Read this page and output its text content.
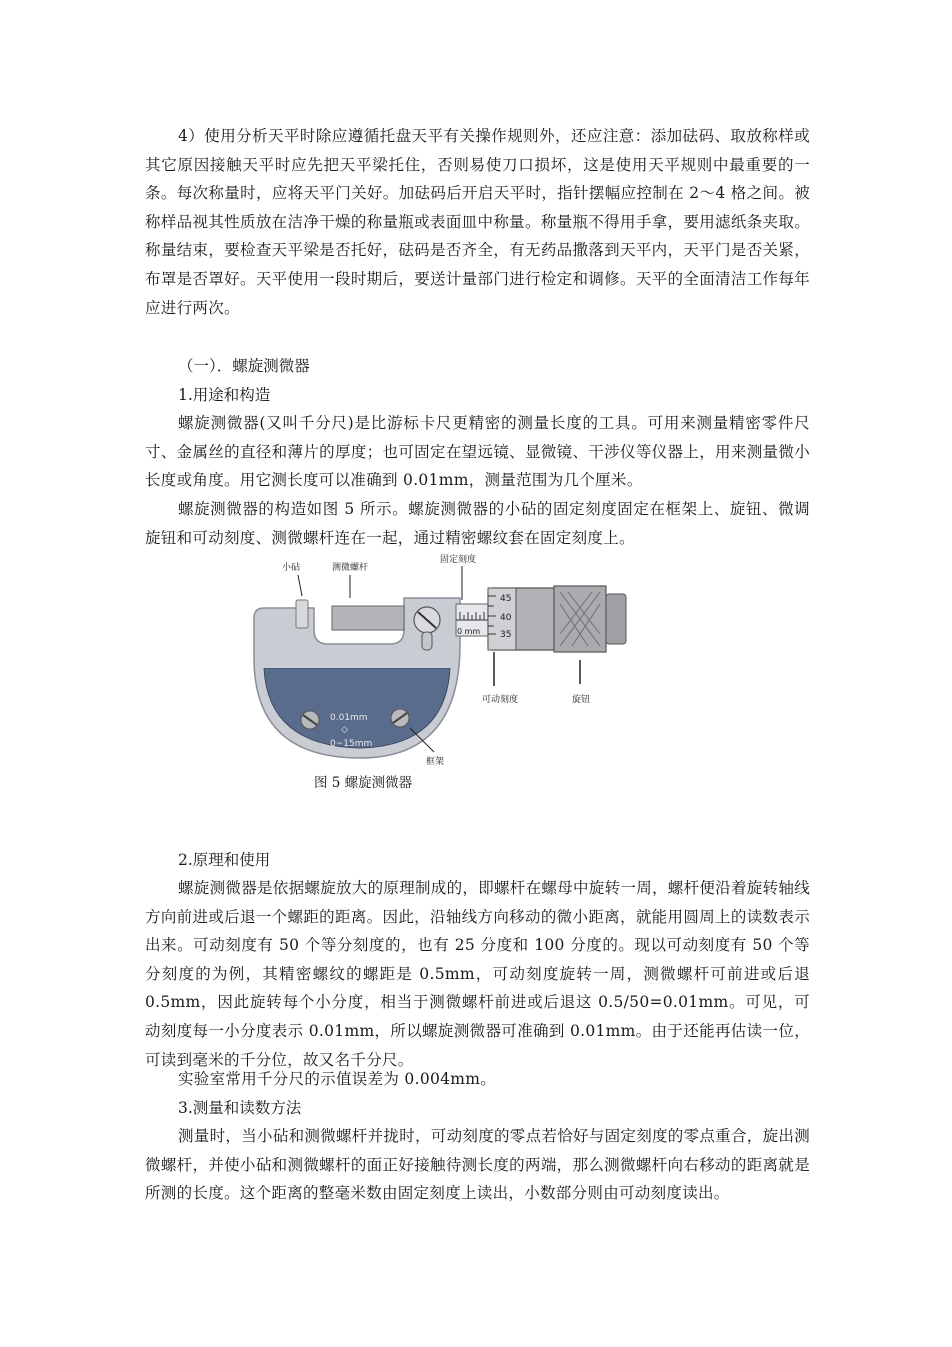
4）使用分析天平时除应遵循托盘天平有关操作规则外，还应注意：添加砝码、取放称样或其它原因接触天平时应先把天平梁托住，否则易使刀口损坏，这是使用天平规则中最重要的一条。每次称量时，应将天平门关好。加砝码后开启天平时，指针摆幅应控制在 2～4 格之间。被称样品视其性质放在洁净干燥的称量瓶或表面皿中称量。称量瓶不得用手拿，要用滤纸条夹取。称量结束，要检查天平梁是否托好，砝码是否齐全，有无药品撒落到天平内，天平门是否关紧，布罩是否罩好。天平使用一段时期后，要送计量部门进行检定和调修。天平的全面清洁工作每年应进行两次。

（一）．螺旋测微器

1.用途和构造

螺旋测微器(又叫千分尺)是比游标卡尺更精密的测量长度的工具。可用来测量精密零件尺寸、金属丝的直径和薄片的厚度；也可固定在望远镜、显微镜、干涉仪等仪器上，用来测量微小长度或角度。用它测长度可以准确到 0.01mm，测量范围为几个厘米。

螺旋测微器的构造如图 5 所示。螺旋测微器的小砧的固定刻度固定在框架上、旋钮、微调旋钮和可动刻度、测微螺杆连在一起，通过精密螺纹套在固定刻度上。

小砧	测微螺杆
固定刻度
0.01mm
◇
0~15mm
0 mm
45
40
35
可动刻度	旋钮
框架

图 5 螺旋测微器

2.原理和使用

螺旋测微器是依据螺旋放大的原理制成的，即螺杆在螺母中旋转一周，螺杆便沿着旋转轴线方向前进或后退一个螺距的距离。因此，沿轴线方向移动的微小距离，就能用圆周上的读数表示出来。可动刻度有 50 个等分刻度的，也有 25 分度和 100 分度的。现以可动刻度有 50 个等分刻度的为例，其精密螺纹的螺距是 0.5mm，可动刻度旋转一周，测微螺杆可前进或后退 0.5mm，因此旋转每个小分度，相当于测微螺杆前进或后退这 0.5/50=0.01mm。可见，可动刻度每一小分度表示 0.01mm，所以螺旋测微器可准确到 0.01mm。由于还能再估读一位，可读到毫米的千分位，故又名千分尺。

实验室常用千分尺的示值误差为 0.004mm。

3.测量和读数方法

测量时，当小砧和测微螺杆并拢时，可动刻度的零点若恰好与固定刻度的零点重合，旋出测微螺杆，并使小砧和测微螺杆的面正好接触待测长度的两端，那么测微螺杆向右移动的距离就是所测的长度。这个距离的整毫米数由固定刻度上读出，小数部分则由可动刻度读出。
